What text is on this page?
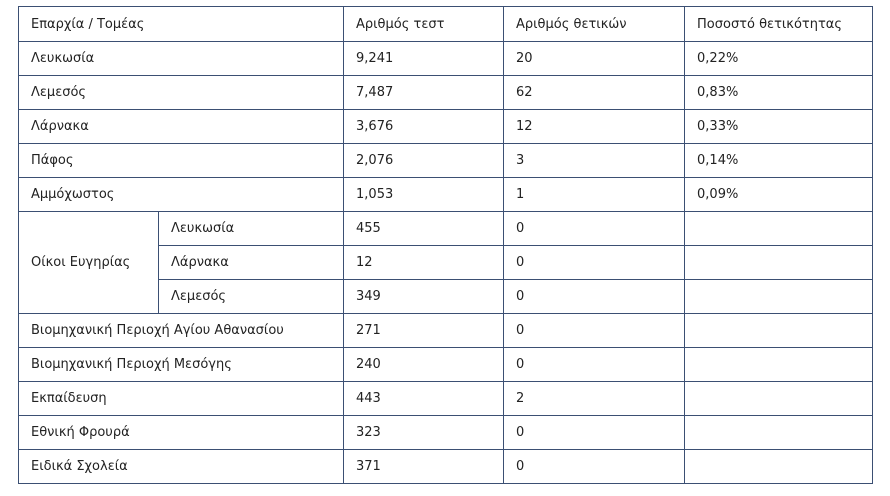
Επαρχία / Τομέας		Αριθμός τεστ	Αριθμός θετικών	Ποσοστό θετικότητας
Λευκωσία		9,241	20	0,22%
Λεμεσός		7,487	62	0,83%
Λάρνακα		3,676	12	0,33%
Πάφος		2,076	3	0,14%
Αμμόχωστος		1,053	1	0,09%
Οίκοι Ευγηρίας	Λευκωσία	455	0	
	Λάρνακα	12	0	
	Λεμεσός	349	0	
Βιομηχανική Περιοχή Αγίου Αθανασίου		271	0	
Βιομηχανική Περιοχή Μεσόγης		240	0	
Εκπαίδευση		443	2	
Εθνική Φρουρά		323	0	
Ειδικά Σχολεία		371	0	
